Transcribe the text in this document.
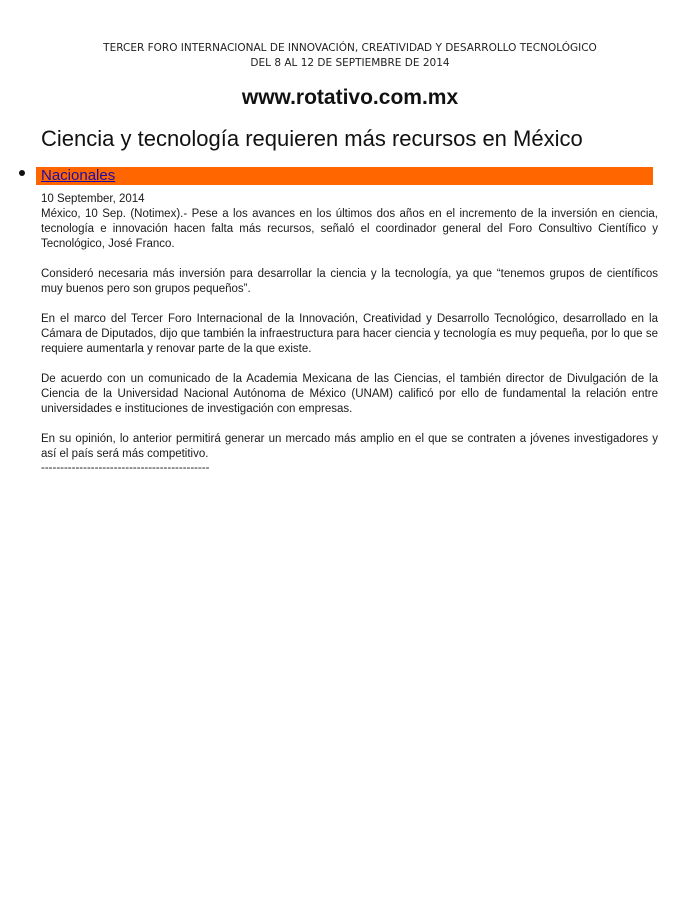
TERCER FORO INTERNACIONAL DE INNOVACIÓN, CREATIVIDAD Y DESARROLLO TECNOLÓGICO
DEL 8 AL 12 DE SEPTIEMBRE DE 2014
www.rotativo.com.mx
Ciencia y tecnología requieren más recursos en México
Nacionales
10 September, 2014

México, 10 Sep. (Notimex).- Pese a los avances en los últimos dos años en el incremento de la inversión en ciencia, tecnología e innovación hacen falta más recursos, señaló el coordinador general del Foro Consultivo Científico y Tecnológico, José Franco.

Consideró necesaria más inversión para desarrollar la ciencia y la tecnología, ya que “tenemos grupos de científicos muy buenos pero son grupos pequeños”.

En el marco del Tercer Foro Internacional de la Innovación, Creatividad y Desarrollo Tecnológico, desarrollado en la Cámara de Diputados, dijo que también la infraestructura para hacer ciencia y tecnología es muy pequeña, por lo que se requiere aumentarla y renovar parte de la que existe.

De acuerdo con un comunicado de la Academia Mexicana de las Ciencias, el también director de Divulgación de la Ciencia de la Universidad Nacional Autónoma de México (UNAM) calificó por ello de fundamental la relación entre universidades e instituciones de investigación con empresas.

En su opinión, lo anterior permitirá generar un mercado más amplio en el que se contraten a jóvenes investigadores y así el país será más competitivo.

--------------------------------------------
